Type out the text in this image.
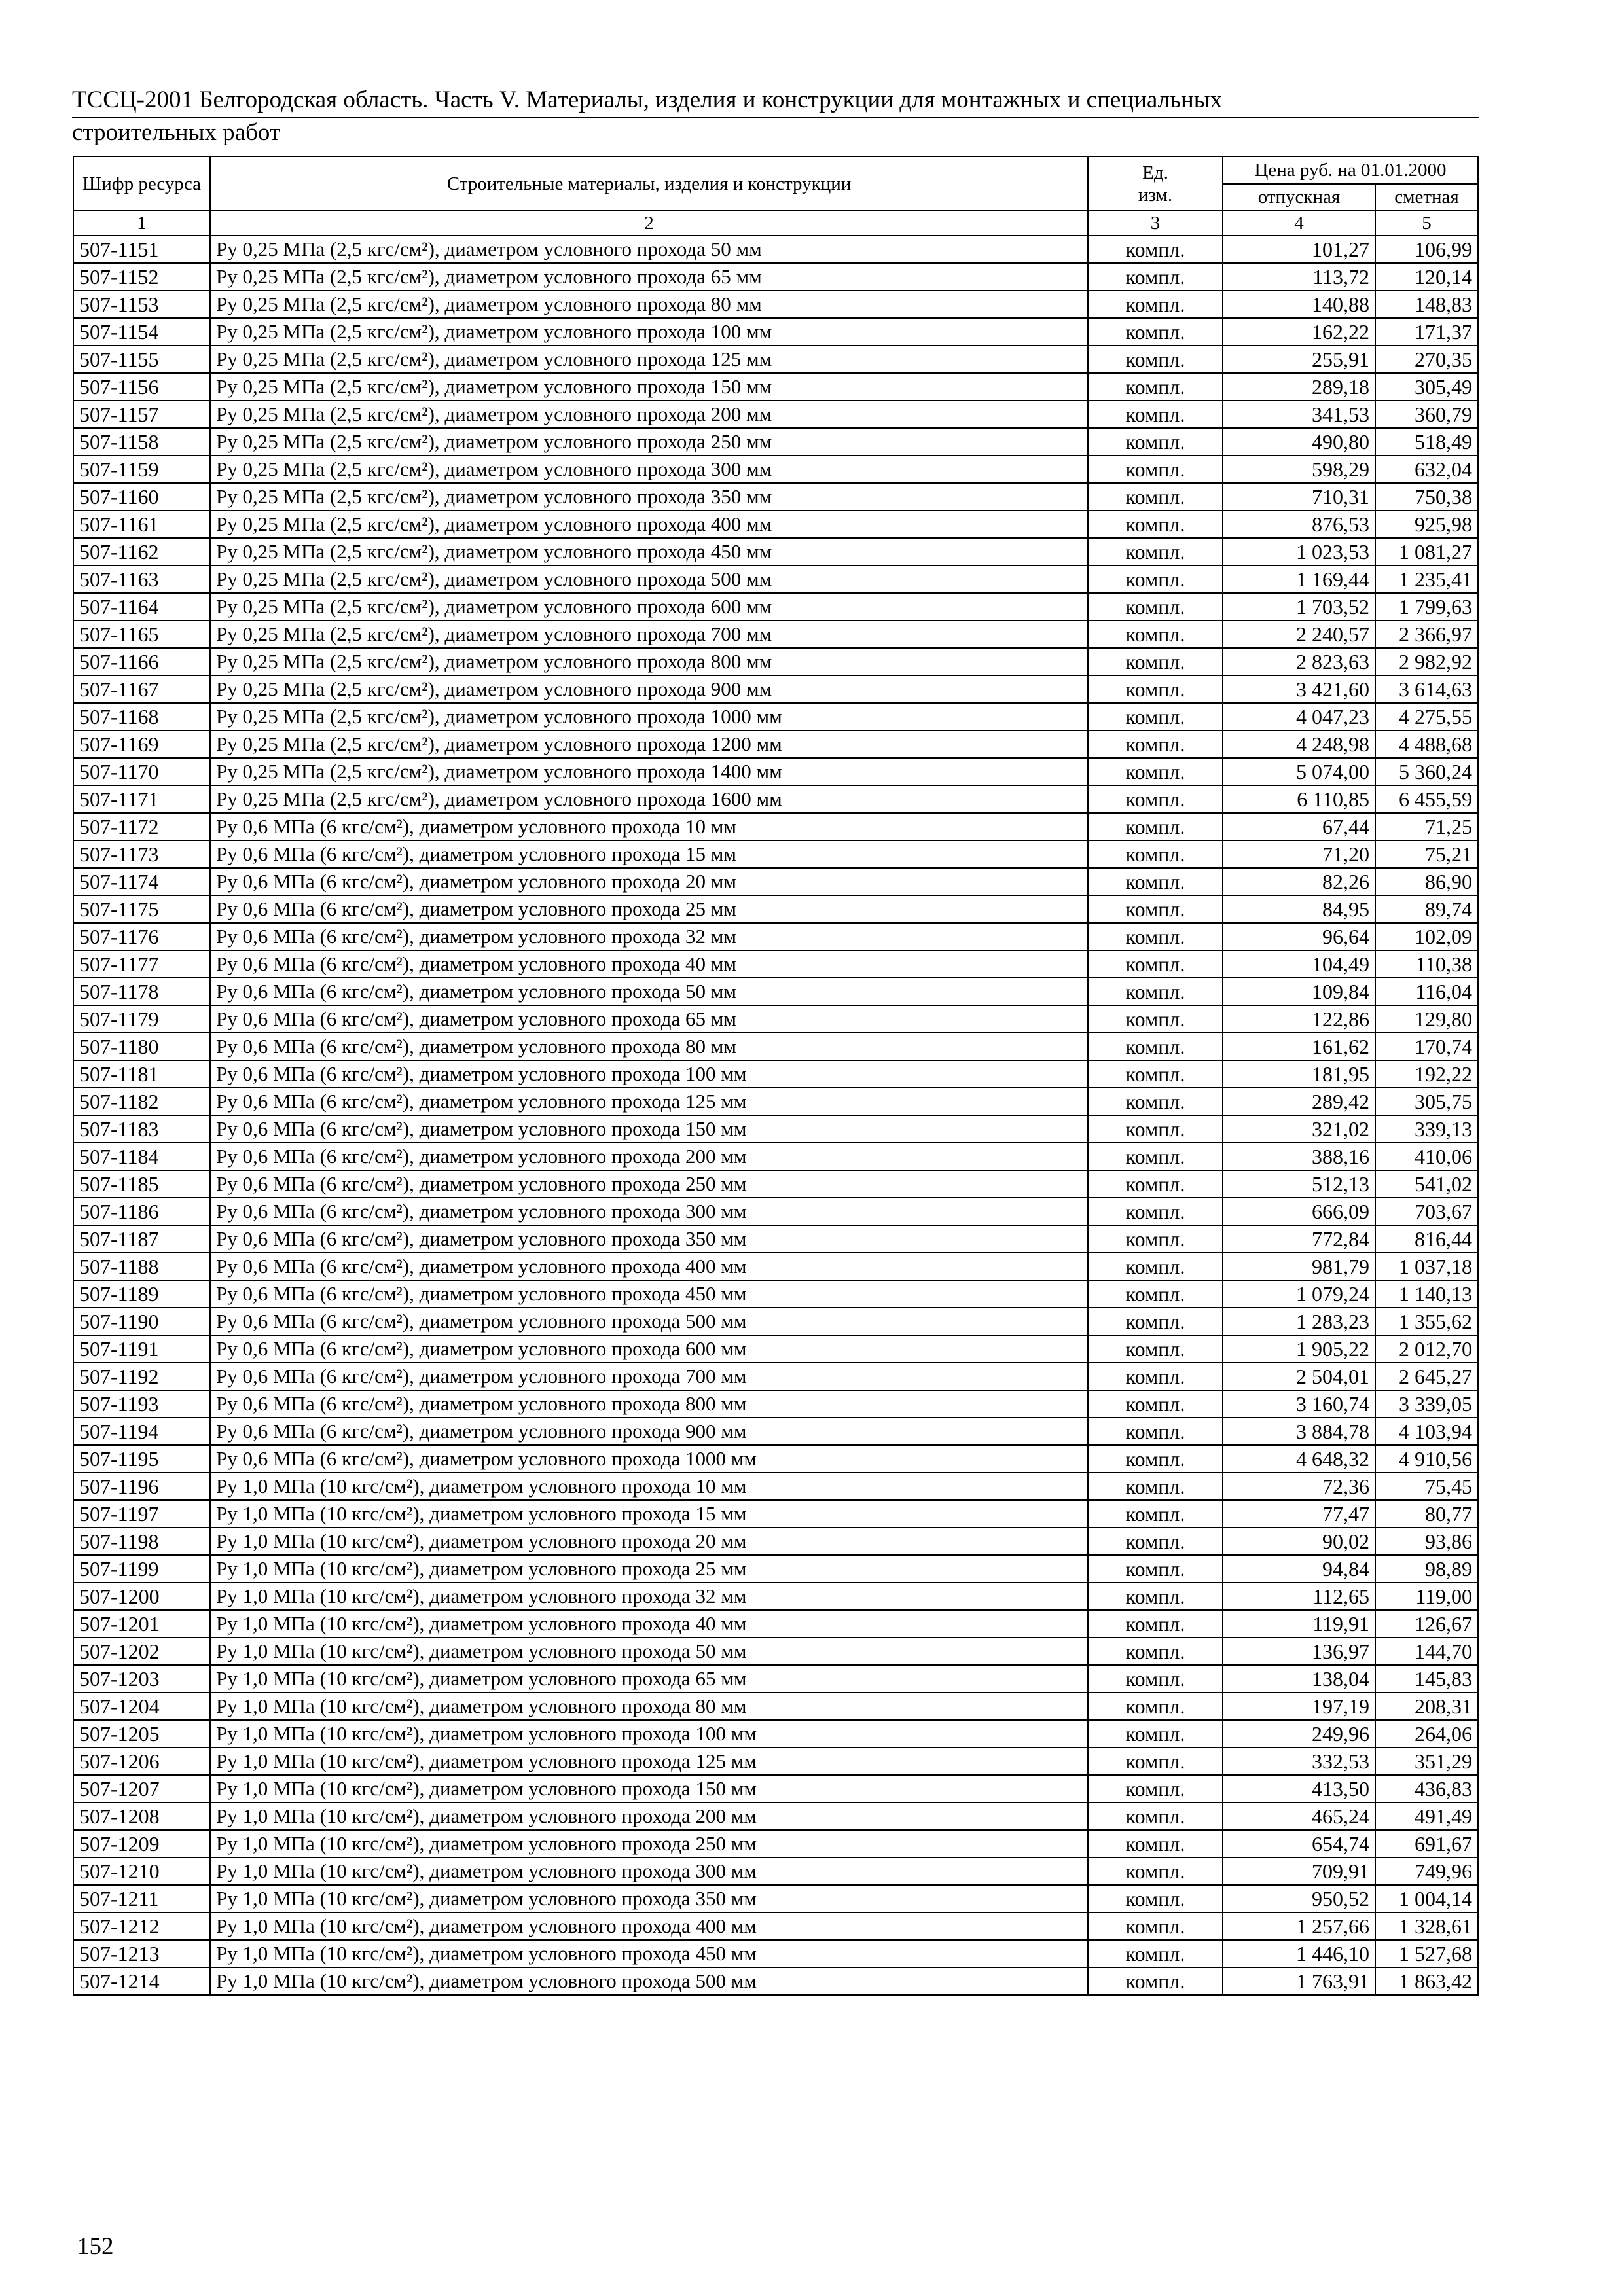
ТССЦ-2001 Белгородская область. Часть V. Материалы, изделия и конструкции для монтажных и специальных
строительных работ
Шифр ресурса	Строительные материалы, изделия и конструкции	Ед. изм.	Цена руб. на 01.01.2000	
			отпускная	сметная
1	2	3	4	5
507-1151	Ру 0,25 МПа (2,5 кгс/см²), диаметром условного прохода 50 мм	компл.	101,27	106,99
507-1152	Ру 0,25 МПа (2,5 кгс/см²), диаметром условного прохода 65 мм	компл.	113,72	120,14
507-1153	Ру 0,25 МПа (2,5 кгс/см²), диаметром условного прохода 80 мм	компл.	140,88	148,83
507-1154	Ру 0,25 МПа (2,5 кгс/см²), диаметром условного прохода 100 мм	компл.	162,22	171,37
507-1155	Ру 0,25 МПа (2,5 кгс/см²), диаметром условного прохода 125 мм	компл.	255,91	270,35
507-1156	Ру 0,25 МПа (2,5 кгс/см²), диаметром условного прохода 150 мм	компл.	289,18	305,49
507-1157	Ру 0,25 МПа (2,5 кгс/см²), диаметром условного прохода 200 мм	компл.	341,53	360,79
507-1158	Ру 0,25 МПа (2,5 кгс/см²), диаметром условного прохода 250 мм	компл.	490,80	518,49
507-1159	Ру 0,25 МПа (2,5 кгс/см²), диаметром условного прохода 300 мм	компл.	598,29	632,04
507-1160	Ру 0,25 МПа (2,5 кгс/см²), диаметром условного прохода 350 мм	компл.	710,31	750,38
507-1161	Ру 0,25 МПа (2,5 кгс/см²), диаметром условного прохода 400 мм	компл.	876,53	925,98
507-1162	Ру 0,25 МПа (2,5 кгс/см²), диаметром условного прохода 450 мм	компл.	1 023,53	1 081,27
507-1163	Ру 0,25 МПа (2,5 кгс/см²), диаметром условного прохода 500 мм	компл.	1 169,44	1 235,41
507-1164	Ру 0,25 МПа (2,5 кгс/см²), диаметром условного прохода 600 мм	компл.	1 703,52	1 799,63
507-1165	Ру 0,25 МПа (2,5 кгс/см²), диаметром условного прохода 700 мм	компл.	2 240,57	2 366,97
507-1166	Ру 0,25 МПа (2,5 кгс/см²), диаметром условного прохода 800 мм	компл.	2 823,63	2 982,92
507-1167	Ру 0,25 МПа (2,5 кгс/см²), диаметром условного прохода 900 мм	компл.	3 421,60	3 614,63
507-1168	Ру 0,25 МПа (2,5 кгс/см²), диаметром условного прохода 1000 мм	компл.	4 047,23	4 275,55
507-1169	Ру 0,25 МПа (2,5 кгс/см²), диаметром условного прохода 1200 мм	компл.	4 248,98	4 488,68
507-1170	Ру 0,25 МПа (2,5 кгс/см²), диаметром условного прохода 1400 мм	компл.	5 074,00	5 360,24
507-1171	Ру 0,25 МПа (2,5 кгс/см²), диаметром условного прохода 1600 мм	компл.	6 110,85	6 455,59
507-1172	Ру 0,6 МПа (6 кгс/см²), диаметром условного прохода 10 мм	компл.	67,44	71,25
507-1173	Ру 0,6 МПа (6 кгс/см²), диаметром условного прохода 15 мм	компл.	71,20	75,21
507-1174	Ру 0,6 МПа (6 кгс/см²), диаметром условного прохода 20 мм	компл.	82,26	86,90
507-1175	Ру 0,6 МПа (6 кгс/см²), диаметром условного прохода 25 мм	компл.	84,95	89,74
507-1176	Ру 0,6 МПа (6 кгс/см²), диаметром условного прохода 32 мм	компл.	96,64	102,09
507-1177	Ру 0,6 МПа (6 кгс/см²), диаметром условного прохода 40 мм	компл.	104,49	110,38
507-1178	Ру 0,6 МПа (6 кгс/см²), диаметром условного прохода 50 мм	компл.	109,84	116,04
507-1179	Ру 0,6 МПа (6 кгс/см²), диаметром условного прохода 65 мм	компл.	122,86	129,80
507-1180	Ру 0,6 МПа (6 кгс/см²), диаметром условного прохода 80 мм	компл.	161,62	170,74
507-1181	Ру 0,6 МПа (6 кгс/см²), диаметром условного прохода 100 мм	компл.	181,95	192,22
507-1182	Ру 0,6 МПа (6 кгс/см²), диаметром условного прохода 125 мм	компл.	289,42	305,75
507-1183	Ру 0,6 МПа (6 кгс/см²), диаметром условного прохода 150 мм	компл.	321,02	339,13
507-1184	Ру 0,6 МПа (6 кгс/см²), диаметром условного прохода 200 мм	компл.	388,16	410,06
507-1185	Ру 0,6 МПа (6 кгс/см²), диаметром условного прохода 250 мм	компл.	512,13	541,02
507-1186	Ру 0,6 МПа (6 кгс/см²), диаметром условного прохода 300 мм	компл.	666,09	703,67
507-1187	Ру 0,6 МПа (6 кгс/см²), диаметром условного прохода 350 мм	компл.	772,84	816,44
507-1188	Ру 0,6 МПа (6 кгс/см²), диаметром условного прохода 400 мм	компл.	981,79	1 037,18
507-1189	Ру 0,6 МПа (6 кгс/см²), диаметром условного прохода 450 мм	компл.	1 079,24	1 140,13
507-1190	Ру 0,6 МПа (6 кгс/см²), диаметром условного прохода 500 мм	компл.	1 283,23	1 355,62
507-1191	Ру 0,6 МПа (6 кгс/см²), диаметром условного прохода 600 мм	компл.	1 905,22	2 012,70
507-1192	Ру 0,6 МПа (6 кгс/см²), диаметром условного прохода 700 мм	компл.	2 504,01	2 645,27
507-1193	Ру 0,6 МПа (6 кгс/см²), диаметром условного прохода 800 мм	компл.	3 160,74	3 339,05
507-1194	Ру 0,6 МПа (6 кгс/см²), диаметром условного прохода 900 мм	компл.	3 884,78	4 103,94
507-1195	Ру 0,6 МПа (6 кгс/см²), диаметром условного прохода 1000 мм	компл.	4 648,32	4 910,56
507-1196	Ру 1,0 МПа (10 кгс/см²), диаметром условного прохода 10 мм	компл.	72,36	75,45
507-1197	Ру 1,0 МПа (10 кгс/см²), диаметром условного прохода 15 мм	компл.	77,47	80,77
507-1198	Ру 1,0 МПа (10 кгс/см²), диаметром условного прохода 20 мм	компл.	90,02	93,86
507-1199	Ру 1,0 МПа (10 кгс/см²), диаметром условного прохода 25 мм	компл.	94,84	98,89
507-1200	Ру 1,0 МПа (10 кгс/см²), диаметром условного прохода 32 мм	компл.	112,65	119,00
507-1201	Ру 1,0 МПа (10 кгс/см²), диаметром условного прохода 40 мм	компл.	119,91	126,67
507-1202	Ру 1,0 МПа (10 кгс/см²), диаметром условного прохода 50 мм	компл.	136,97	144,70
507-1203	Ру 1,0 МПа (10 кгс/см²), диаметром условного прохода 65 мм	компл.	138,04	145,83
507-1204	Ру 1,0 МПа (10 кгс/см²), диаметром условного прохода 80 мм	компл.	197,19	208,31
507-1205	Ру 1,0 МПа (10 кгс/см²), диаметром условного прохода 100 мм	компл.	249,96	264,06
507-1206	Ру 1,0 МПа (10 кгс/см²), диаметром условного прохода 125 мм	компл.	332,53	351,29
507-1207	Ру 1,0 МПа (10 кгс/см²), диаметром условного прохода 150 мм	компл.	413,50	436,83
507-1208	Ру 1,0 МПа (10 кгс/см²), диаметром условного прохода 200 мм	компл.	465,24	491,49
507-1209	Ру 1,0 МПа (10 кгс/см²), диаметром условного прохода 250 мм	компл.	654,74	691,67
507-1210	Ру 1,0 МПа (10 кгс/см²), диаметром условного прохода 300 мм	компл.	709,91	749,96
507-1211	Ру 1,0 МПа (10 кгс/см²), диаметром условного прохода 350 мм	компл.	950,52	1 004,14
507-1212	Ру 1,0 МПа (10 кгс/см²), диаметром условного прохода 400 мм	компл.	1 257,66	1 328,61
507-1213	Ру 1,0 МПа (10 кгс/см²), диаметром условного прохода 450 мм	компл.	1 446,10	1 527,68
507-1214	Ру 1,0 МПа (10 кгс/см²), диаметром условного прохода 500 мм	компл.	1 763,91	1 863,42
152
